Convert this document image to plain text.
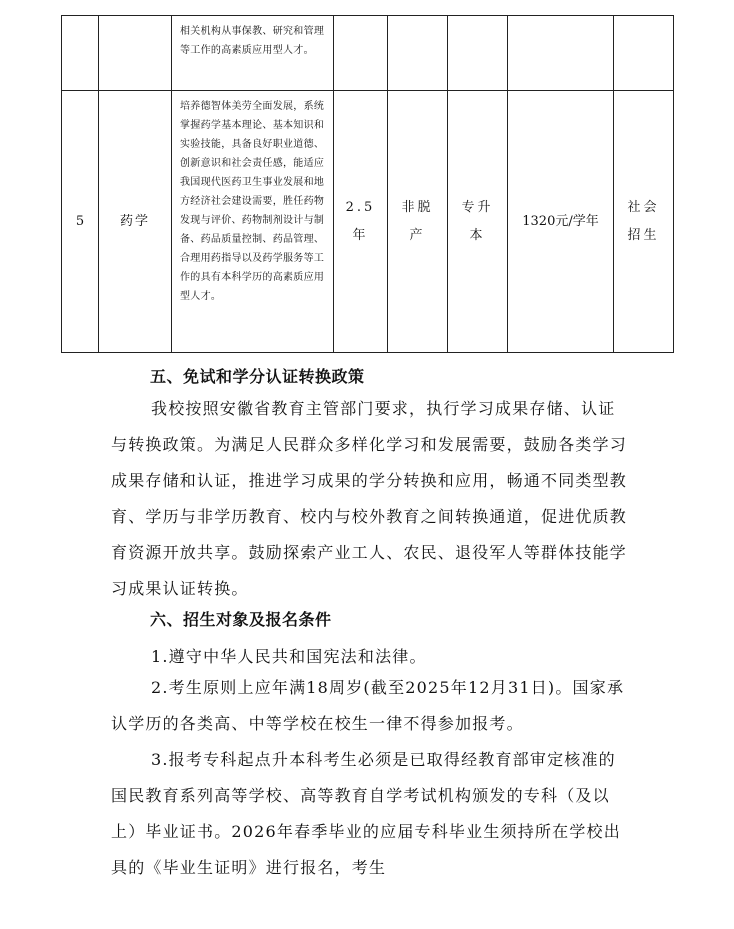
		相关机构从事保教、研究和管理等工作的高素质应用型人才。					
5	药学	培养德智体美劳全面发展，系统掌握药学基本理论、基本知识和实验技能，具备良好职业道德、创新意识和社会责任感，能适应我国现代医药卫生事业发展和地方经济社会建设需要，胜任药物发现与评价、药物制剂设计与制备、药品质量控制、药品管理、合理用药指导以及药学服务等工作的具有本科学历的高素质应用型人才。	2.5年	非脱产	专升本	1320元/学年	社会招生
五、免试和学分认证转换政策

我校按照安徽省教育主管部门要求，执行学习成果存储、认证与转换政策。为满足人民群众多样化学习和发展需要，鼓励各类学习成果存储和认证，推进学习成果的学分转换和应用，畅通不同类型教育、学历与非学历教育、校内与校外教育之间转换通道，促进优质教育资源开放共享。鼓励探索产业工人、农民、退役军人等群体技能学习成果认证转换。

六、招生对象及报名条件
1.遵守中华人民共和国宪法和法律。

2.考生原则上应年满18周岁(截至2025年12月31日)。国家承认学历的各类高、中等学校在校生一律不得参加报考。

3.报考专科起点升本科考生必须是已取得经教育部审定核准的国民教育系列高等学校、高等教育自学考试机构颁发的专科（及以上）毕业证书。2026年春季毕业的应届专科毕业生须持所在学校出具的《毕业生证明》进行报名，考生
